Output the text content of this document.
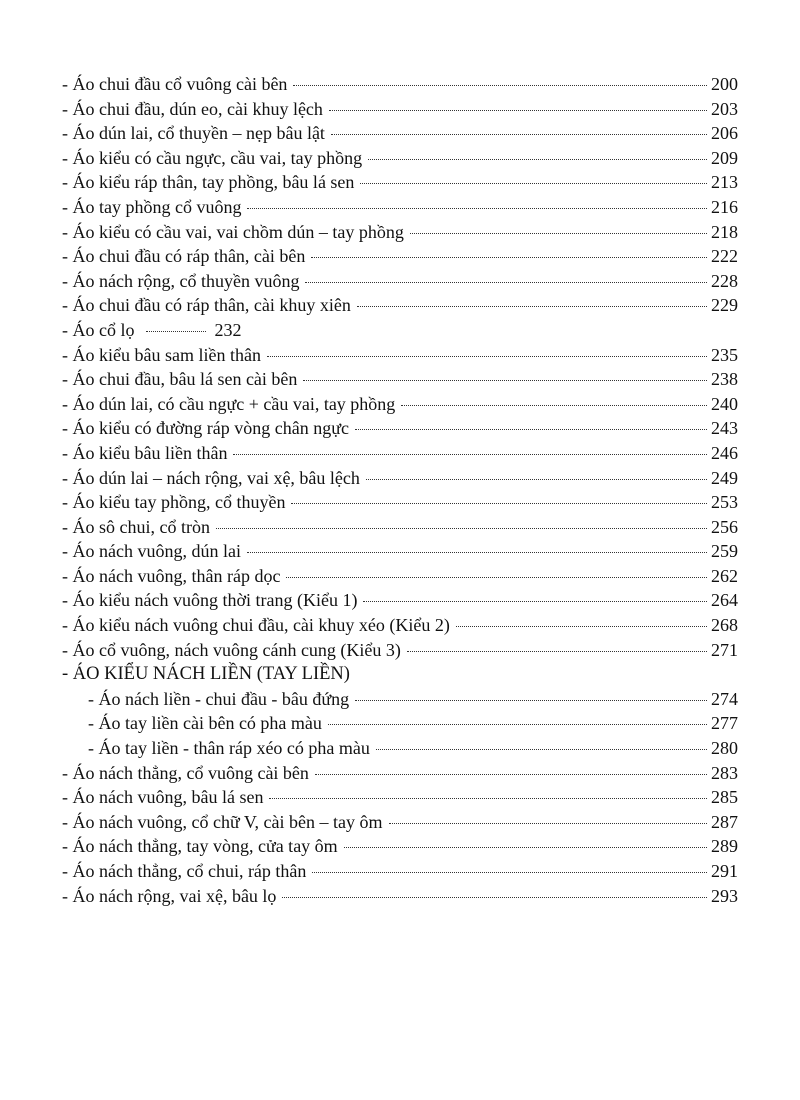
- Áo chui đầu cổ vuông cài bên	200
- Áo chui đầu, dún eo, cài khuy lệch	203
- Áo dún lai, cổ thuyền – nẹp bâu lật	206
- Áo kiểu có cầu ngực, cầu vai, tay phồng	209
- Áo kiểu ráp thân, tay phồng, bâu lá sen	213
- Áo tay phồng cổ vuông	216
- Áo kiểu có cầu vai, vai chồm dún – tay phồng	218
- Áo chui đầu có ráp thân, cài bên	222
- Áo nách rộng, cổ thuyền vuông	228
- Áo chui đầu có ráp thân, cài khuy xiên	229
- Áo cổ lọ	232
- Áo kiểu bâu sam liền thân	235
- Áo chui đầu, bâu lá sen cài bên	238
- Áo dún lai, có cầu ngực + cầu vai, tay phồng	240
- Áo kiểu có đường ráp vòng chân ngực	243
- Áo kiểu bâu liền thân	246
- Áo dún lai – nách rộng, vai xệ, bâu lệch	249
- Áo kiểu tay phồng, cổ thuyền	253
- Áo sô chui, cổ tròn	256
- Áo nách vuông, dún lai	259
- Áo nách vuông, thân ráp dọc	262
- Áo kiểu nách vuông thời trang (Kiểu 1)	264
- Áo kiểu nách vuông chui đầu, cài khuy xéo (Kiểu 2)	268
- Áo cổ vuông, nách vuông cánh cung (Kiểu 3)	271
- ÁO KIỂU NÁCH LIỀN (TAY LIỀN)
- Áo nách liền - chui đầu - bâu đứng	274
- Áo tay liền cài bên có pha màu	277
- Áo tay liền - thân ráp xéo có pha màu	280
- Áo nách thẳng, cổ vuông cài bên	283
- Áo nách vuông, bâu lá sen	285
- Áo nách vuông, cổ chữ V, cài bên – tay ôm	287
- Áo nách thẳng, tay vòng, cửa tay ôm	289
- Áo nách thẳng, cổ chui, ráp thân	291
- Áo nách rộng, vai xệ, bâu lọ	293
